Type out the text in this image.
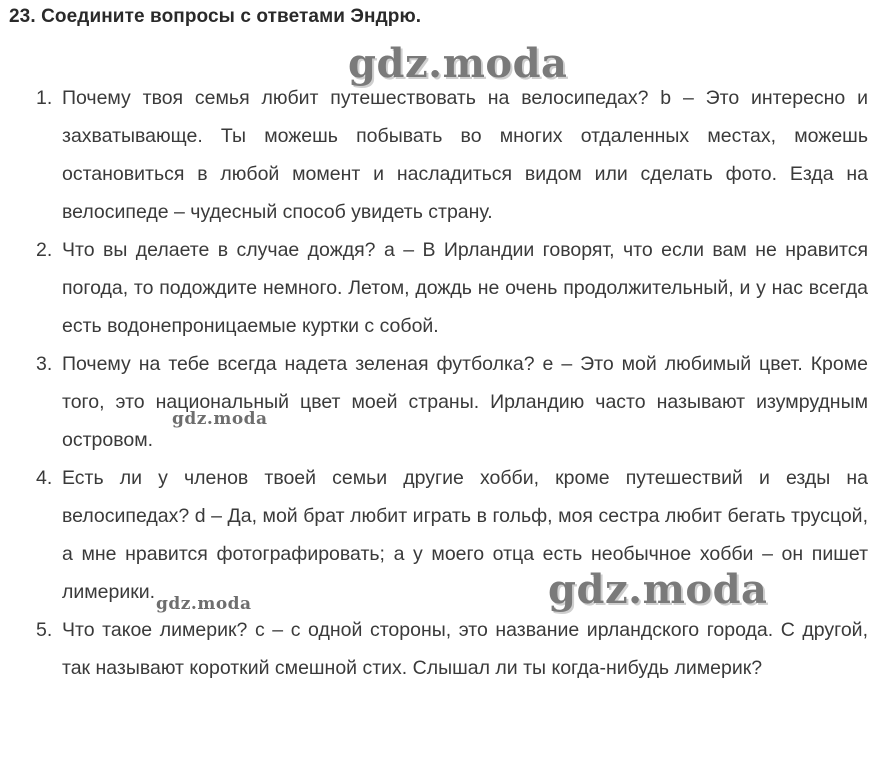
23. Соедините вопросы с ответами Эндрю.
1. Почему твоя семья любит путешествовать на велосипедах? b – Это интересно и захватывающе. Ты можешь побывать во многих отдаленных местах, можешь остановиться в любой момент и насладиться видом или сделать фото. Езда на велосипеде – чудесный способ увидеть страну.
2. Что вы делаете в случае дождя? а – В Ирландии говорят, что если вам не нравится погода, то подождите немного. Летом, дождь не очень продолжительный, и у нас всегда есть водонепроницаемые куртки с собой.
3. Почему на тебе всегда надета зеленая футболка? е – Это мой любимый цвет. Кроме того, это национальный цвет моей страны. Ирландию часто называют изумрудным островом.
4. Есть ли у членов твоей семьи другие хобби, кроме путешествий и езды на велосипедах? d – Да, мой брат любит играть в гольф, моя сестра любит бегать трусцой, а мне нравится фотографировать; а у моего отца есть необычное хобби – он пишет лимерики.
5. Что такое лимерик? с – с одной стороны, это название ирландского города. С другой, так называют короткий смешной стих. Слышал ли ты когда-нибудь лимерик?
gdz.moda
gdz.moda
gdz.moda
gdz.moda
